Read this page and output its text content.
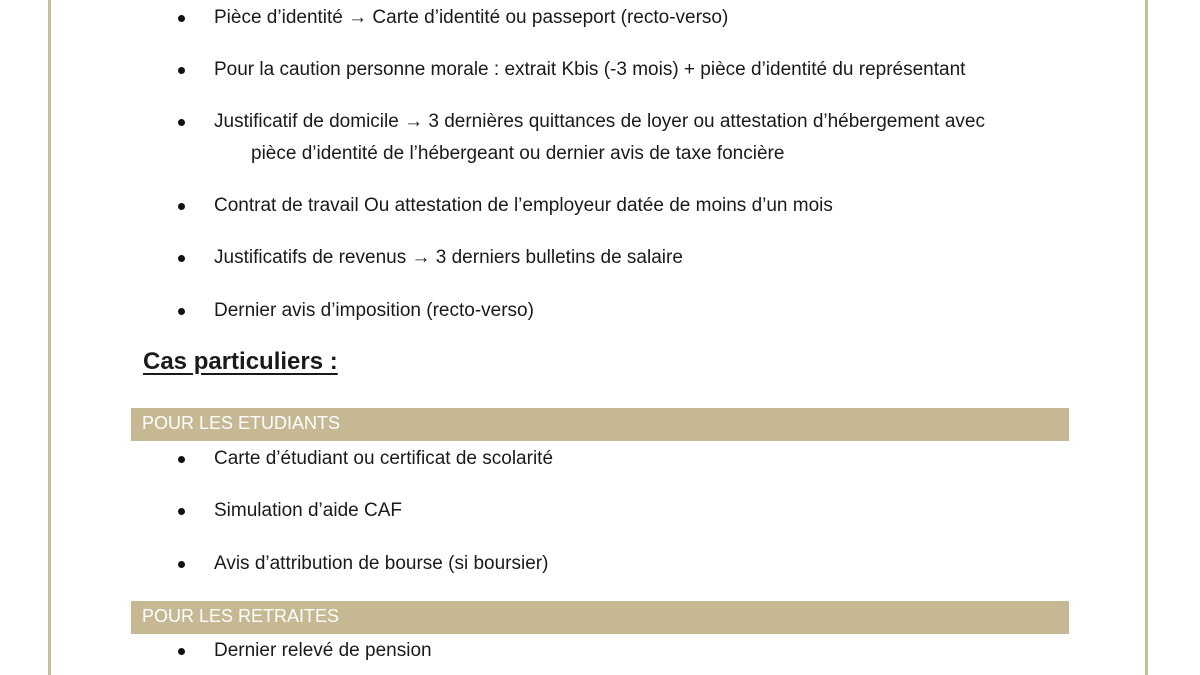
Pièce d’identité → Carte d’identité ou passeport (recto-verso)
Pour la caution personne morale : extrait Kbis (-3 mois) + pièce d’identité du représentant
Justificatif de domicile → 3 dernières quittances de loyer ou attestation d’hébergement avec
pièce d’identité de l’hébergeant ou dernier avis de taxe foncière
Contrat de travail Ou attestation de l’employeur datée de moins d’un mois
Justificatifs de revenus → 3 derniers bulletins de salaire
Dernier avis d’imposition (recto-verso)
Cas particuliers :
POUR LES ETUDIANTS
Carte d’étudiant ou certificat de scolarité
Simulation d’aide CAF
Avis d’attribution de bourse (si boursier)
POUR LES RETRAITES
Dernier relevé de pension
